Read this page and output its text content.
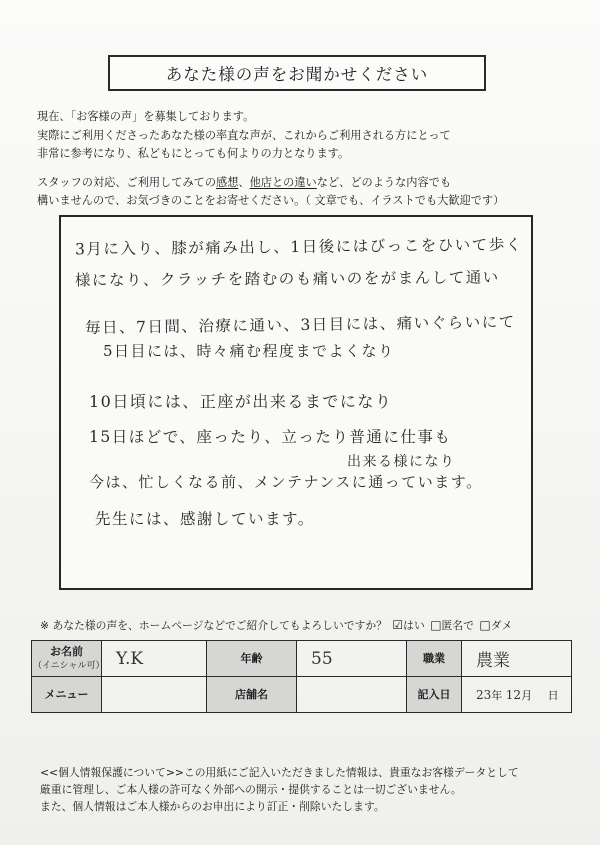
あなた様の声をお聞かせください

現在、「お客様の声」を募集しております。

実際にご利用くださったあなた様の率直な声が、これからご利用される方にとって

非常に参考になり、私どもにとっても何よりの力となります。

スタッフの対応、ご利用してみての感想、他店との違いなど、どのような内容でも

構いませんので、お気づきのことをお寄せください。（ 文章でも、イラストでも大歓迎です）

3月に入り、膝が痛み出し、1日後にはびっこをひいて歩く
様になり、クラッチを踏むのも痛いのをがまんして通い
毎日、7日間、治療に通い、3日目には、痛いぐらいにて
5日目には、時々痛む程度までよくなり
10日頃には、正座が出来るまでになり
15日ほどで、座ったり、立ったり普通に仕事も
出来る様になり
今は、忙しくなる前、メンテナンスに通っています。
先生には、感謝しています。
※ あなた様の声を、ホームページなどでご紹介してもよろしいですか？ ☑はい □匿名で □ダメ
お名前
（イニシャル可）	Y.K	年齢	55	職業	農業
メニュー		店舗名		記入日	23年 12月 日

<<個人情報保護について>>この用紙にご記入いただきました情報は、貴重なお客様データとして

厳重に管理し、ご本人様の許可なく外部への開示・提供することは一切ございません。

また、個人情報はご本人様からのお申出により訂正・削除いたします。
